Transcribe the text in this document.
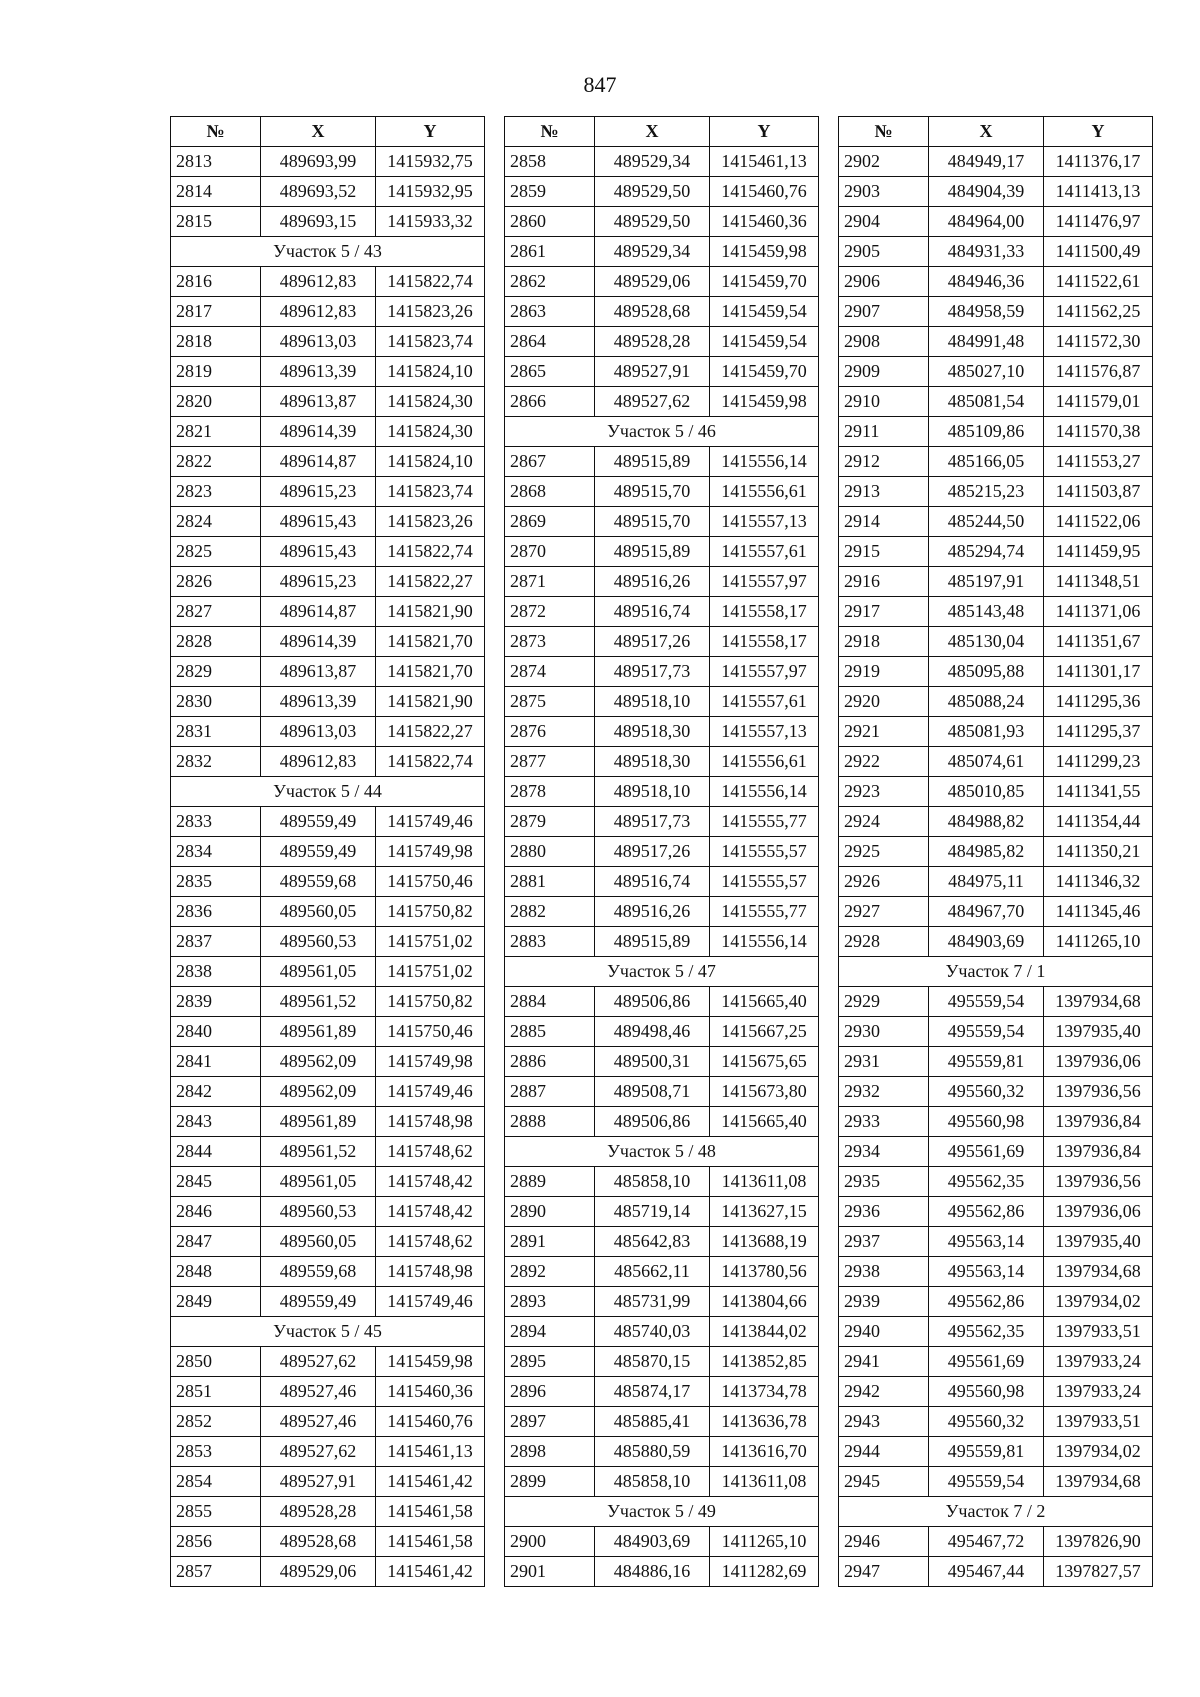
847
№	X	Y
2813	489693,99	1415932,75
2814	489693,52	1415932,95
2815	489693,15	1415933,32
Участок 5 / 43		
2816	489612,83	1415822,74
2817	489612,83	1415823,26
2818	489613,03	1415823,74
2819	489613,39	1415824,10
2820	489613,87	1415824,30
2821	489614,39	1415824,30
2822	489614,87	1415824,10
2823	489615,23	1415823,74
2824	489615,43	1415823,26
2825	489615,43	1415822,74
2826	489615,23	1415822,27
2827	489614,87	1415821,90
2828	489614,39	1415821,70
2829	489613,87	1415821,70
2830	489613,39	1415821,90
2831	489613,03	1415822,27
2832	489612,83	1415822,74
Участок 5 / 44		
2833	489559,49	1415749,46
2834	489559,49	1415749,98
2835	489559,68	1415750,46
2836	489560,05	1415750,82
2837	489560,53	1415751,02
2838	489561,05	1415751,02
2839	489561,52	1415750,82
2840	489561,89	1415750,46
2841	489562,09	1415749,98
2842	489562,09	1415749,46
2843	489561,89	1415748,98
2844	489561,52	1415748,62
2845	489561,05	1415748,42
2846	489560,53	1415748,42
2847	489560,05	1415748,62
2848	489559,68	1415748,98
2849	489559,49	1415749,46
Участок 5 / 45		
2850	489527,62	1415459,98
2851	489527,46	1415460,36
2852	489527,46	1415460,76
2853	489527,62	1415461,13
2854	489527,91	1415461,42
2855	489528,28	1415461,58
2856	489528,68	1415461,58
2857	489529,06	1415461,42
№	X	Y
2858	489529,34	1415461,13
2859	489529,50	1415460,76
2860	489529,50	1415460,36
2861	489529,34	1415459,98
2862	489529,06	1415459,70
2863	489528,68	1415459,54
2864	489528,28	1415459,54
2865	489527,91	1415459,70
2866	489527,62	1415459,98
Участок 5 / 46		
2867	489515,89	1415556,14
2868	489515,70	1415556,61
2869	489515,70	1415557,13
2870	489515,89	1415557,61
2871	489516,26	1415557,97
2872	489516,74	1415558,17
2873	489517,26	1415558,17
2874	489517,73	1415557,97
2875	489518,10	1415557,61
2876	489518,30	1415557,13
2877	489518,30	1415556,61
2878	489518,10	1415556,14
2879	489517,73	1415555,77
2880	489517,26	1415555,57
2881	489516,74	1415555,57
2882	489516,26	1415555,77
2883	489515,89	1415556,14
Участок 5 / 47		
2884	489506,86	1415665,40
2885	489498,46	1415667,25
2886	489500,31	1415675,65
2887	489508,71	1415673,80
2888	489506,86	1415665,40
Участок 5 / 48		
2889	485858,10	1413611,08
2890	485719,14	1413627,15
2891	485642,83	1413688,19
2892	485662,11	1413780,56
2893	485731,99	1413804,66
2894	485740,03	1413844,02
2895	485870,15	1413852,85
2896	485874,17	1413734,78
2897	485885,41	1413636,78
2898	485880,59	1413616,70
2899	485858,10	1413611,08
Участок 5 / 49		
2900	484903,69	1411265,10
2901	484886,16	1411282,69
№	X	Y
2902	484949,17	1411376,17
2903	484904,39	1411413,13
2904	484964,00	1411476,97
2905	484931,33	1411500,49
2906	484946,36	1411522,61
2907	484958,59	1411562,25
2908	484991,48	1411572,30
2909	485027,10	1411576,87
2910	485081,54	1411579,01
2911	485109,86	1411570,38
2912	485166,05	1411553,27
2913	485215,23	1411503,87
2914	485244,50	1411522,06
2915	485294,74	1411459,95
2916	485197,91	1411348,51
2917	485143,48	1411371,06
2918	485130,04	1411351,67
2919	485095,88	1411301,17
2920	485088,24	1411295,36
2921	485081,93	1411295,37
2922	485074,61	1411299,23
2923	485010,85	1411341,55
2924	484988,82	1411354,44
2925	484985,82	1411350,21
2926	484975,11	1411346,32
2927	484967,70	1411345,46
2928	484903,69	1411265,10
Участок 7 / 1		
2929	495559,54	1397934,68
2930	495559,54	1397935,40
2931	495559,81	1397936,06
2932	495560,32	1397936,56
2933	495560,98	1397936,84
2934	495561,69	1397936,84
2935	495562,35	1397936,56
2936	495562,86	1397936,06
2937	495563,14	1397935,40
2938	495563,14	1397934,68
2939	495562,86	1397934,02
2940	495562,35	1397933,51
2941	495561,69	1397933,24
2942	495560,98	1397933,24
2943	495560,32	1397933,51
2944	495559,81	1397934,02
2945	495559,54	1397934,68
Участок 7 / 2		
2946	495467,72	1397826,90
2947	495467,44	1397827,57
